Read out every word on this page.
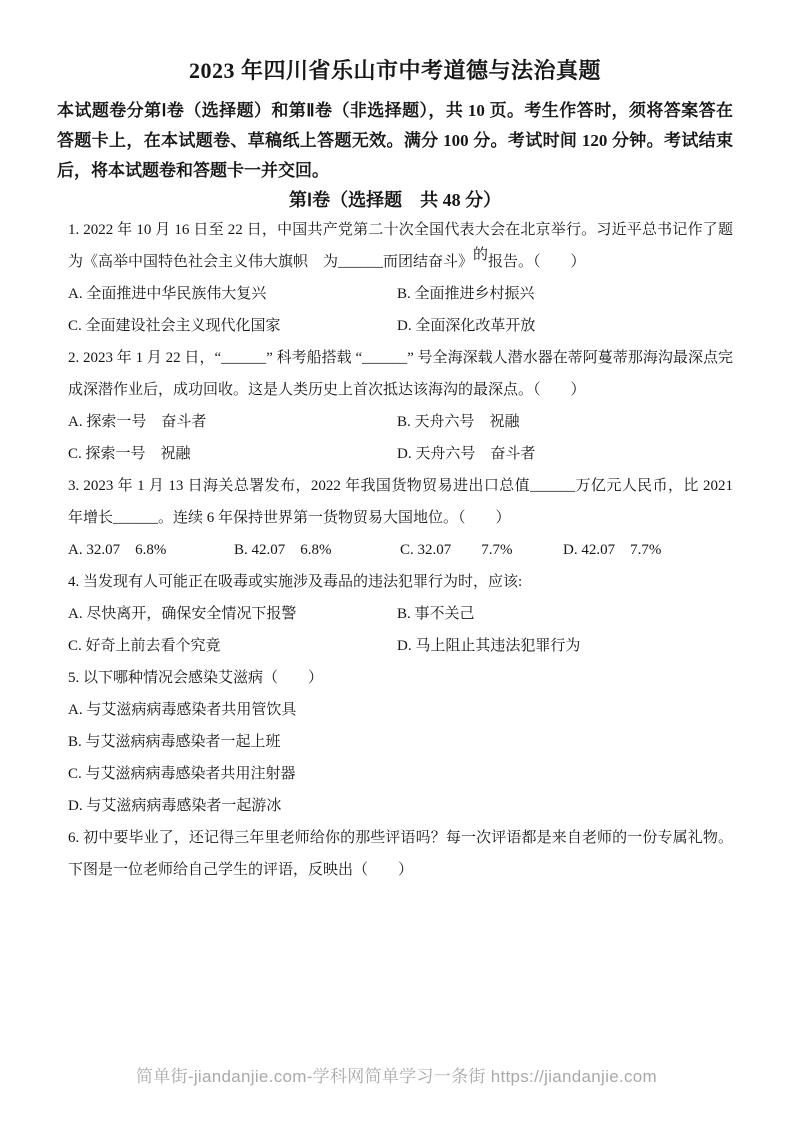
2023 年四川省乐山市中考道德与法治真题

本试题卷分第Ⅰ卷（选择题）和第Ⅱ卷（非选择题），共 10 页。考生作答时，须将答案答在答题卡上，在本试题卷、草稿纸上答题无效。满分 100 分。考试时间 120 分钟。考试结束后，将本试题卷和答题卡一并交回。

第Ⅰ卷（选择题　共 48 分）

1. 2022 年 10 月 16 日至 22 日，中国共产党第二十次全国代表大会在北京举行。习近平总书记作了题为《高举中国特色社会主义伟大旗帜　为______而团结奋斗》的报告。（　　）

A. 全面推进中华民族伟大复兴	B. 全面推进乡村振兴
C. 全面建设社会主义现代化国家	D. 全面深化改革开放

2. 2023 年 1 月 22 日，“______” 科考船搭载 “______” 号全海深载人潜水器在蒂阿蔓蒂那海沟最深点完成深潜作业后，成功回收。这是人类历史上首次抵达该海沟的最深点。（　　）

A. 探索一号　奋斗者	B. 天舟六号　祝融
C. 探索一号　祝融	D. 天舟六号　奋斗者

3. 2023 年 1 月 13 日海关总署发布，2022 年我国货物贸易进出口总值______万亿元人民币，比 2021 年增长______。连续 6 年保持世界第一货物贸易大国地位。（　　）

A. 32.07　6.8%	B. 42.07　6.8%	C. 32.07　　7.7%	D. 42.07　7.7%

4. 当发现有人可能正在吸毒或实施涉及毒品的违法犯罪行为时，应该:

A. 尽快离开，确保安全情况下报警	B. 事不关己
C. 好奇上前去看个究竟	D. 马上阻止其违法犯罪行为

5. 以下哪种情况会感染艾滋病（　　）

A. 与艾滋病病毒感染者共用管饮具
B. 与艾滋病病毒感染者一起上班
C. 与艾滋病病毒感染者共用注射器
D. 与艾滋病病毒感染者一起游冰

6. 初中要毕业了，还记得三年里老师给你的那些评语吗？每一次评语都是来自老师的一份专属礼物。下图是一位老师给自己学生的评语，反映出（　　）

简单街-jiandanjie.com-学科网简单学习一条街 https://jiandanjie.com
